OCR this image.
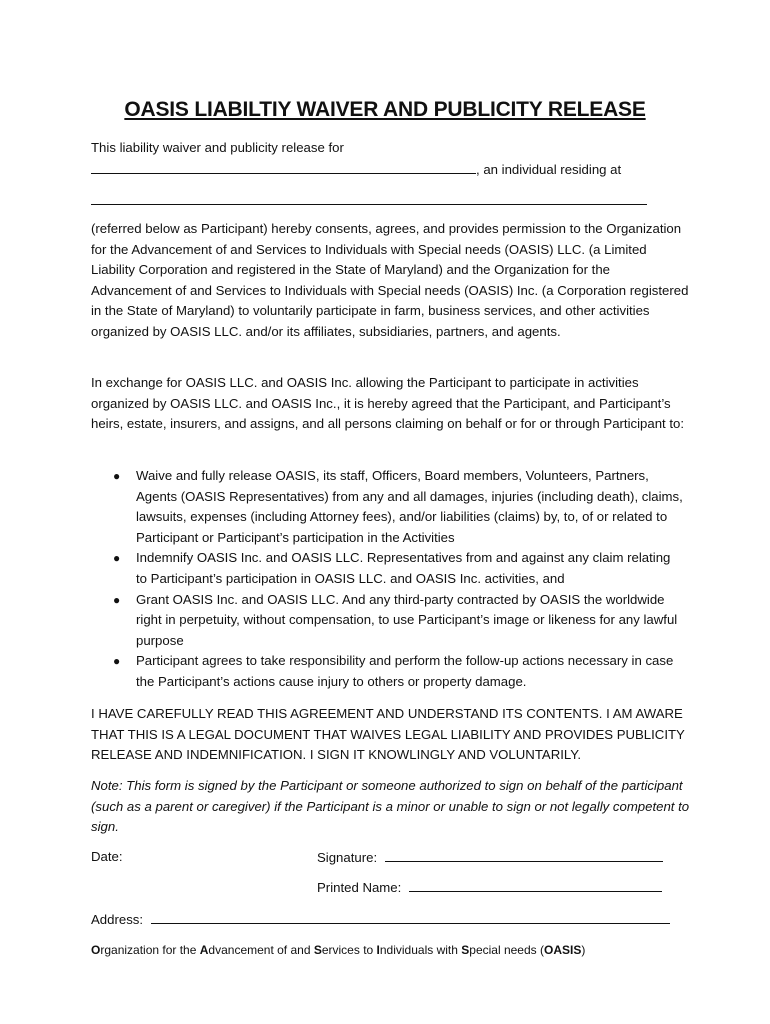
OASIS LIABILTIY WAIVER AND PUBLICITY RELEASE
This liability waiver and publicity release for
, an individual residing at
(referred below as Participant) hereby consents, agrees, and provides permission to the Organization for the Advancement of and Services to Individuals with Special needs (OASIS) LLC. (a Limited Liability Corporation and registered in the State of Maryland) and the Organization for the Advancement of and Services to Individuals with Special needs (OASIS) Inc. (a Corporation registered in the State of Maryland) to voluntarily participate in farm, business services, and other activities organized by OASIS LLC. and/or its affiliates, subsidiaries, partners, and agents.
In exchange for OASIS LLC. and OASIS Inc. allowing the Participant to participate in activities organized by OASIS LLC. and OASIS Inc., it is hereby agreed that the Participant, and Participant’s heirs, estate, insurers, and assigns, and all persons claiming on behalf or for or through Participant to:
● Waive and fully release OASIS, its staff, Officers, Board members, Volunteers, Partners, Agents (OASIS Representatives) from any and all damages, injuries (including death), claims, lawsuits, expenses (including Attorney fees), and/or liabilities (claims) by, to, of or related to Participant or Participant’s participation in the Activities
● Indemnify OASIS Inc. and OASIS LLC. Representatives from and against any claim relating to Participant’s participation in OASIS LLC. and OASIS Inc. activities, and
● Grant OASIS Inc. and OASIS LLC. And any third-party contracted by OASIS the worldwide right in perpetuity, without compensation, to use Participant’s image or likeness for any lawful purpose
● Participant agrees to take responsibility and perform the follow-up actions necessary in case the Participant’s actions cause injury to others or property damage.
I HAVE CAREFULLY READ THIS AGREEMENT AND UNDERSTAND ITS CONTENTS. I AM AWARE THAT THIS IS A LEGAL DOCUMENT THAT WAIVES LEGAL LIABILITY AND PROVIDES PUBLICITY RELEASE AND INDEMNIFICATION. I SIGN IT KNOWLINGLY AND VOLUNTARILY.
Note: This form is signed by the Participant or someone authorized to sign on behalf of the participant (such as a parent or caregiver) if the Participant is a minor or unable to sign or not legally competent to sign.
Date:	Signature:
Printed Name:
Address:
Organization for the Advancement of and Services to Individuals with Special needs (OASIS)
